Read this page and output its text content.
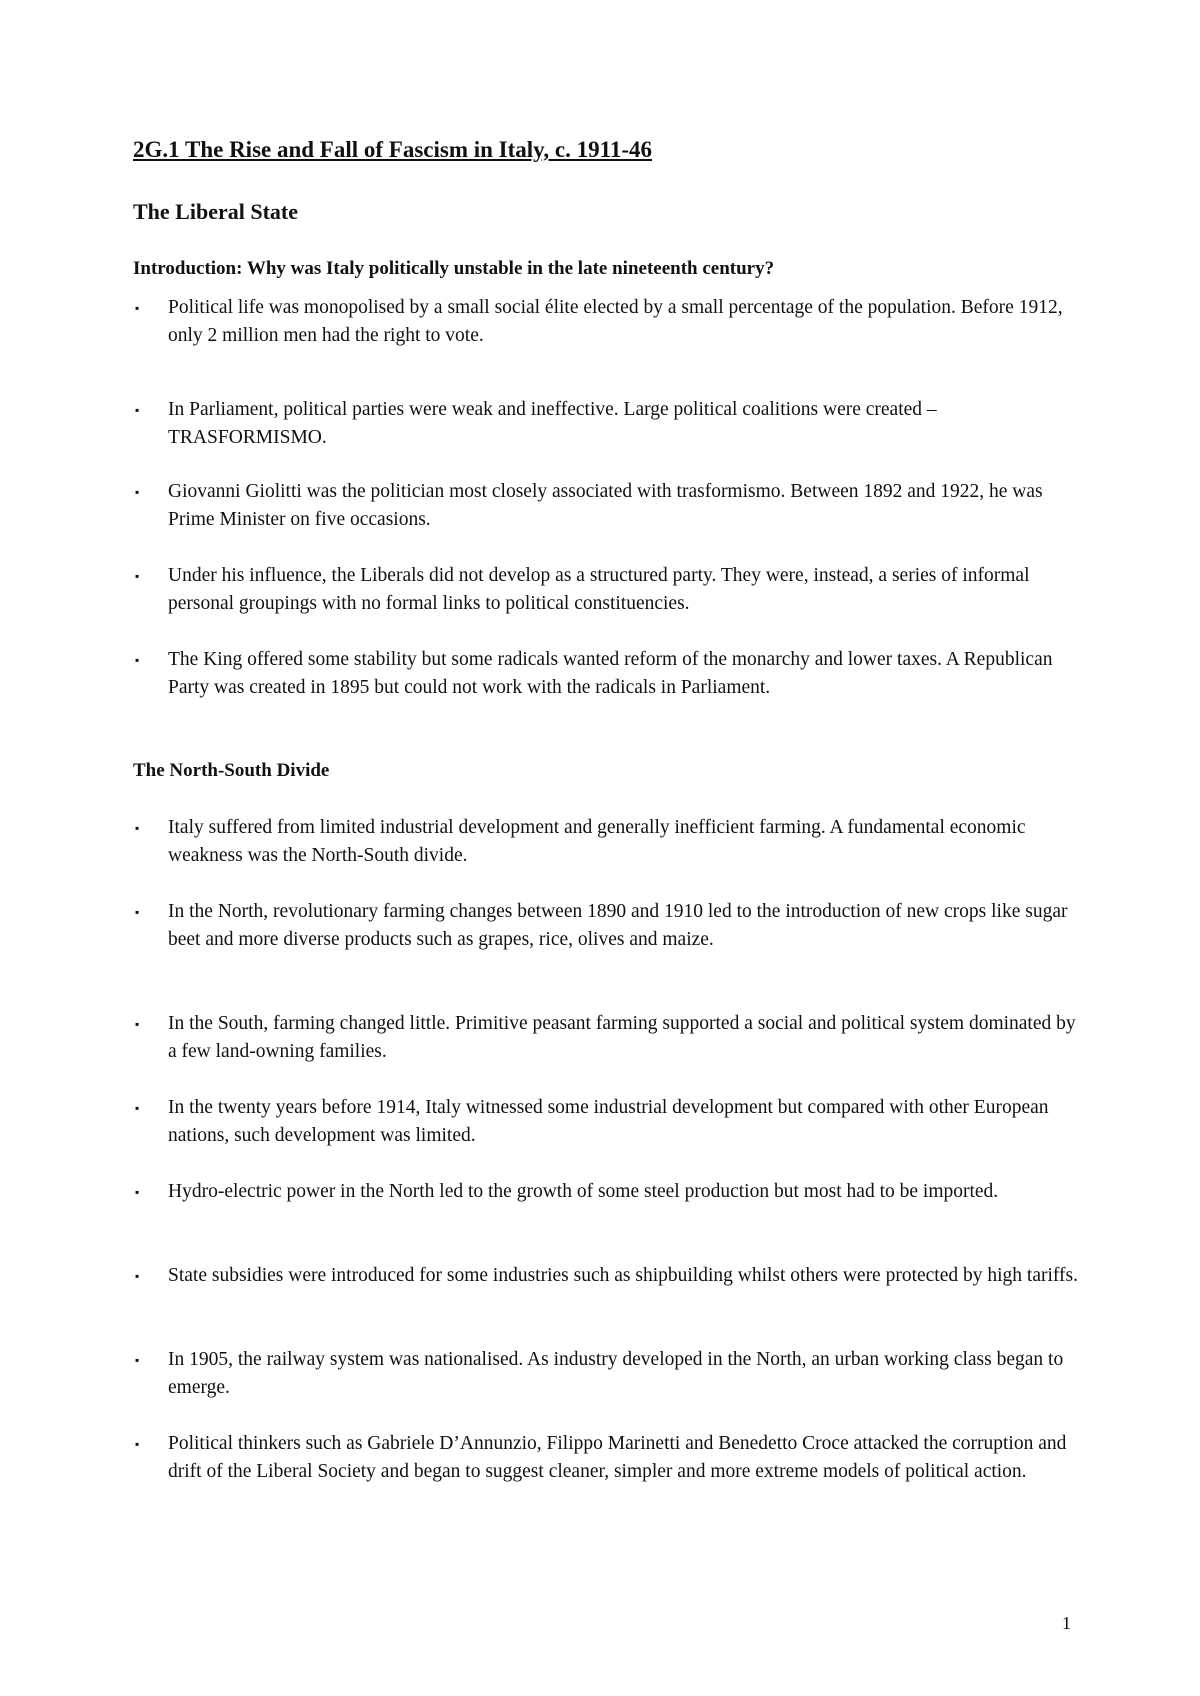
2G.1 The Rise and Fall of Fascism in Italy, c. 1911-46
The Liberal State
Introduction: Why was Italy politically unstable in the late nineteenth century?
▪ Political life was monopolised by a small social élite elected by a small percentage of the population. Before 1912, only 2 million men had the right to vote.
▪ In Parliament, political parties were weak and ineffective. Large political coalitions were created – TRASFORMISMO.
▪ Giovanni Giolitti was the politician most closely associated with trasformismo. Between 1892 and 1922, he was Prime Minister on five occasions.
▪ Under his influence, the Liberals did not develop as a structured party. They were, instead, a series of informal personal groupings with no formal links to political constituencies.
▪ The King offered some stability but some radicals wanted reform of the monarchy and lower taxes. A Republican Party was created in 1895 but could not work with the radicals in Parliament.
The North-South Divide
▪ Italy suffered from limited industrial development and generally inefficient farming. A fundamental economic weakness was the North-South divide.
▪ In the North, revolutionary farming changes between 1890 and 1910 led to the introduction of new crops like sugar beet and more diverse products such as grapes, rice, olives and maize.
▪ In the South, farming changed little. Primitive peasant farming supported a social and political system dominated by a few land-owning families.
▪ In the twenty years before 1914, Italy witnessed some industrial development but compared with other European nations, such development was limited.
▪ Hydro-electric power in the North led to the growth of some steel production but most had to be imported.
▪ State subsidies were introduced for some industries such as shipbuilding whilst others were protected by high tariffs.
▪ In 1905, the railway system was nationalised. As industry developed in the North, an urban working class began to emerge.
▪ Political thinkers such as Gabriele D’Annunzio, Filippo Marinetti and Benedetto Croce attacked the corruption and drift of the Liberal Society and began to suggest cleaner, simpler and more extreme models of political action.
1
